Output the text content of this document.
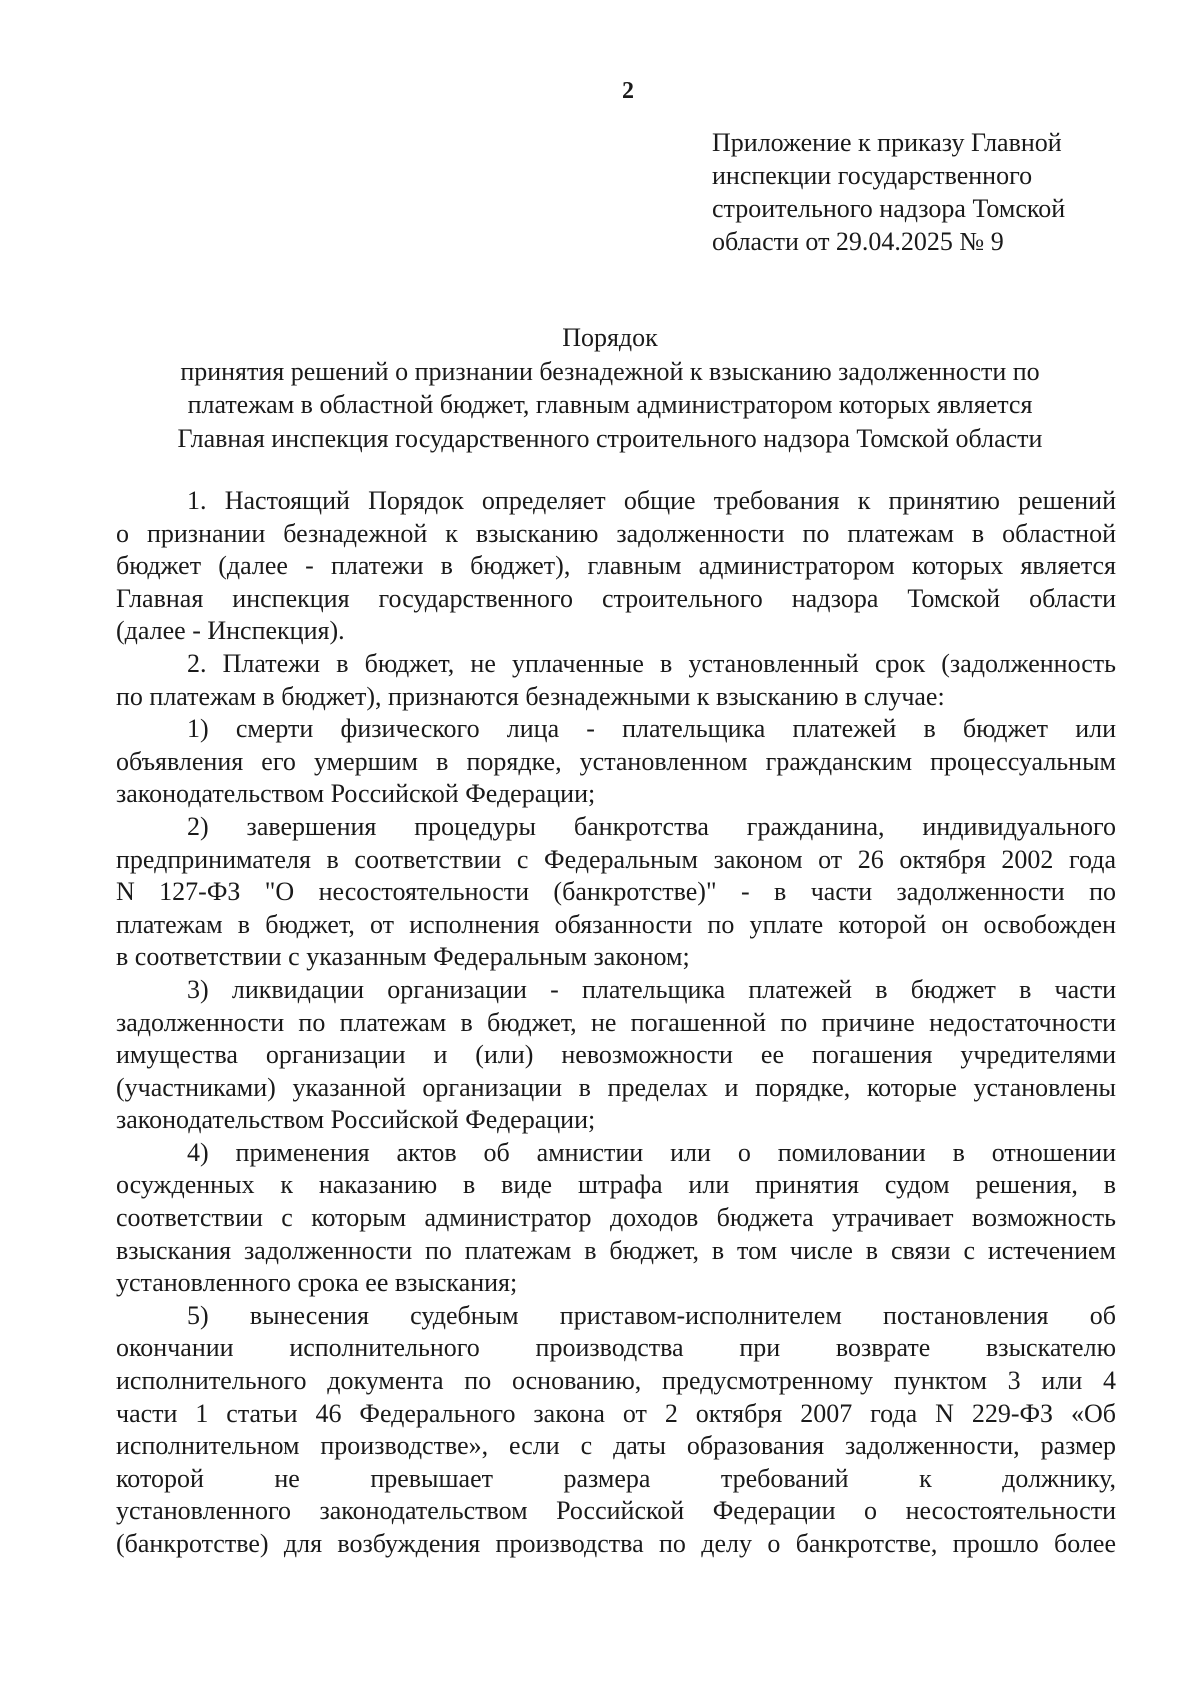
2
Приложение к приказу Главной
инспекции государственного
строительного надзора Томской
области от 29.04.2025 № 9
Порядок
принятия решений о признании безнадежной к взысканию задолженности по
платежам в областной бюджет, главным администратором которых является
Главная инспекция государственного строительного надзора Томской области
1. Настоящий Порядок определяет общие требования к принятию решений
о признании безнадежной к взысканию задолженности по платежам в областной
бюджет (далее - платежи в бюджет), главным администратором которых является
Главная инспекция государственного строительного надзора Томской области
(далее - Инспекция).
2. Платежи в бюджет, не уплаченные в установленный срок (задолженность
по платежам в бюджет), признаются безнадежными к взысканию в случае:
1) смерти физического лица - плательщика платежей в бюджет или
объявления его умершим в порядке, установленном гражданским процессуальным
законодательством Российской Федерации;
2) завершения процедуры банкротства гражданина, индивидуального
предпринимателя в соответствии с Федеральным законом от 26 октября 2002 года
N 127-ФЗ "О несостоятельности (банкротстве)" - в части задолженности по
платежам в бюджет, от исполнения обязанности по уплате которой он освобожден
в соответствии с указанным Федеральным законом;
3) ликвидации организации - плательщика платежей в бюджет в части
задолженности по платежам в бюджет, не погашенной по причине недостаточности
имущества организации и (или) невозможности ее погашения учредителями
(участниками) указанной организации в пределах и порядке, которые установлены
законодательством Российской Федерации;
4) применения актов об амнистии или о помиловании в отношении
осужденных к наказанию в виде штрафа или принятия судом решения, в
соответствии с которым администратор доходов бюджета утрачивает возможность
взыскания задолженности по платежам в бюджет, в том числе в связи с истечением
установленного срока ее взыскания;
5) вынесения судебным приставом-исполнителем постановления об
окончании исполнительного производства при возврате взыскателю
исполнительного документа по основанию, предусмотренному пунктом 3 или 4
части 1 статьи 46 Федерального закона от 2 октября 2007 года N 229-ФЗ «Об
исполнительном производстве», если с даты образования задолженности, размер
которой не превышает размера требований к должнику,
установленного законодательством Российской Федерации о несостоятельности
(банкротстве) для возбуждения производства по делу о банкротстве, прошло более
